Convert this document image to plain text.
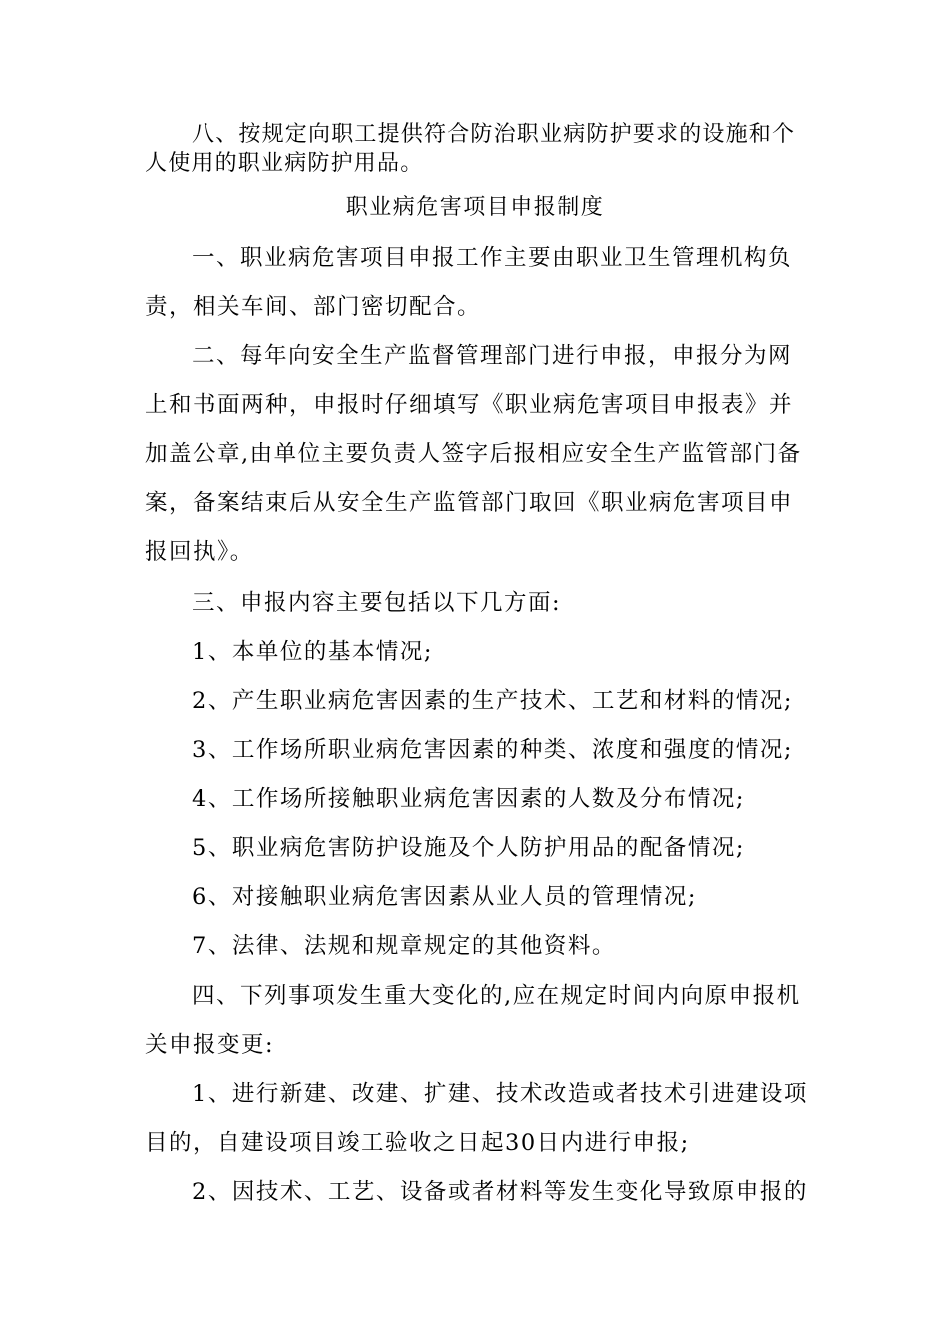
八、按规定向职工提供符合防治职业病防护要求的设施和个
人使用的职业病防护用品。
职业病危害项目申报制度
一、职业病危害项目申报工作主要由职业卫生管理机构负
责，相关车间、部门密切配合。
二、每年向安全生产监督管理部门进行申报，申报分为网
上和书面两种，申报时仔细填写《职业病危害项目申报表》并
加盖公章,由单位主要负责人签字后报相应安全生产监管部门备
案，备案结束后从安全生产监管部门取回《职业病危害项目申
报回执》。
三、申报内容主要包括以下几方面:
1、本单位的基本情况;
2、产生职业病危害因素的生产技术、工艺和材料的情况;
3、工作场所职业病危害因素的种类、浓度和强度的情况;
4、工作场所接触职业病危害因素的人数及分布情况;
5、职业病危害防护设施及个人防护用品的配备情况;
6、对接触职业病危害因素从业人员的管理情况;
7、法律、法规和规章规定的其他资料。
四、下列事项发生重大变化的,应在规定时间内向原申报机
关申报变更:
1、进行新建、改建、扩建、技术改造或者技术引进建设项
目的，自建设项目竣工验收之日起30日内进行申报;
2、因技术、工艺、设备或者材料等发生变化导致原申报的
